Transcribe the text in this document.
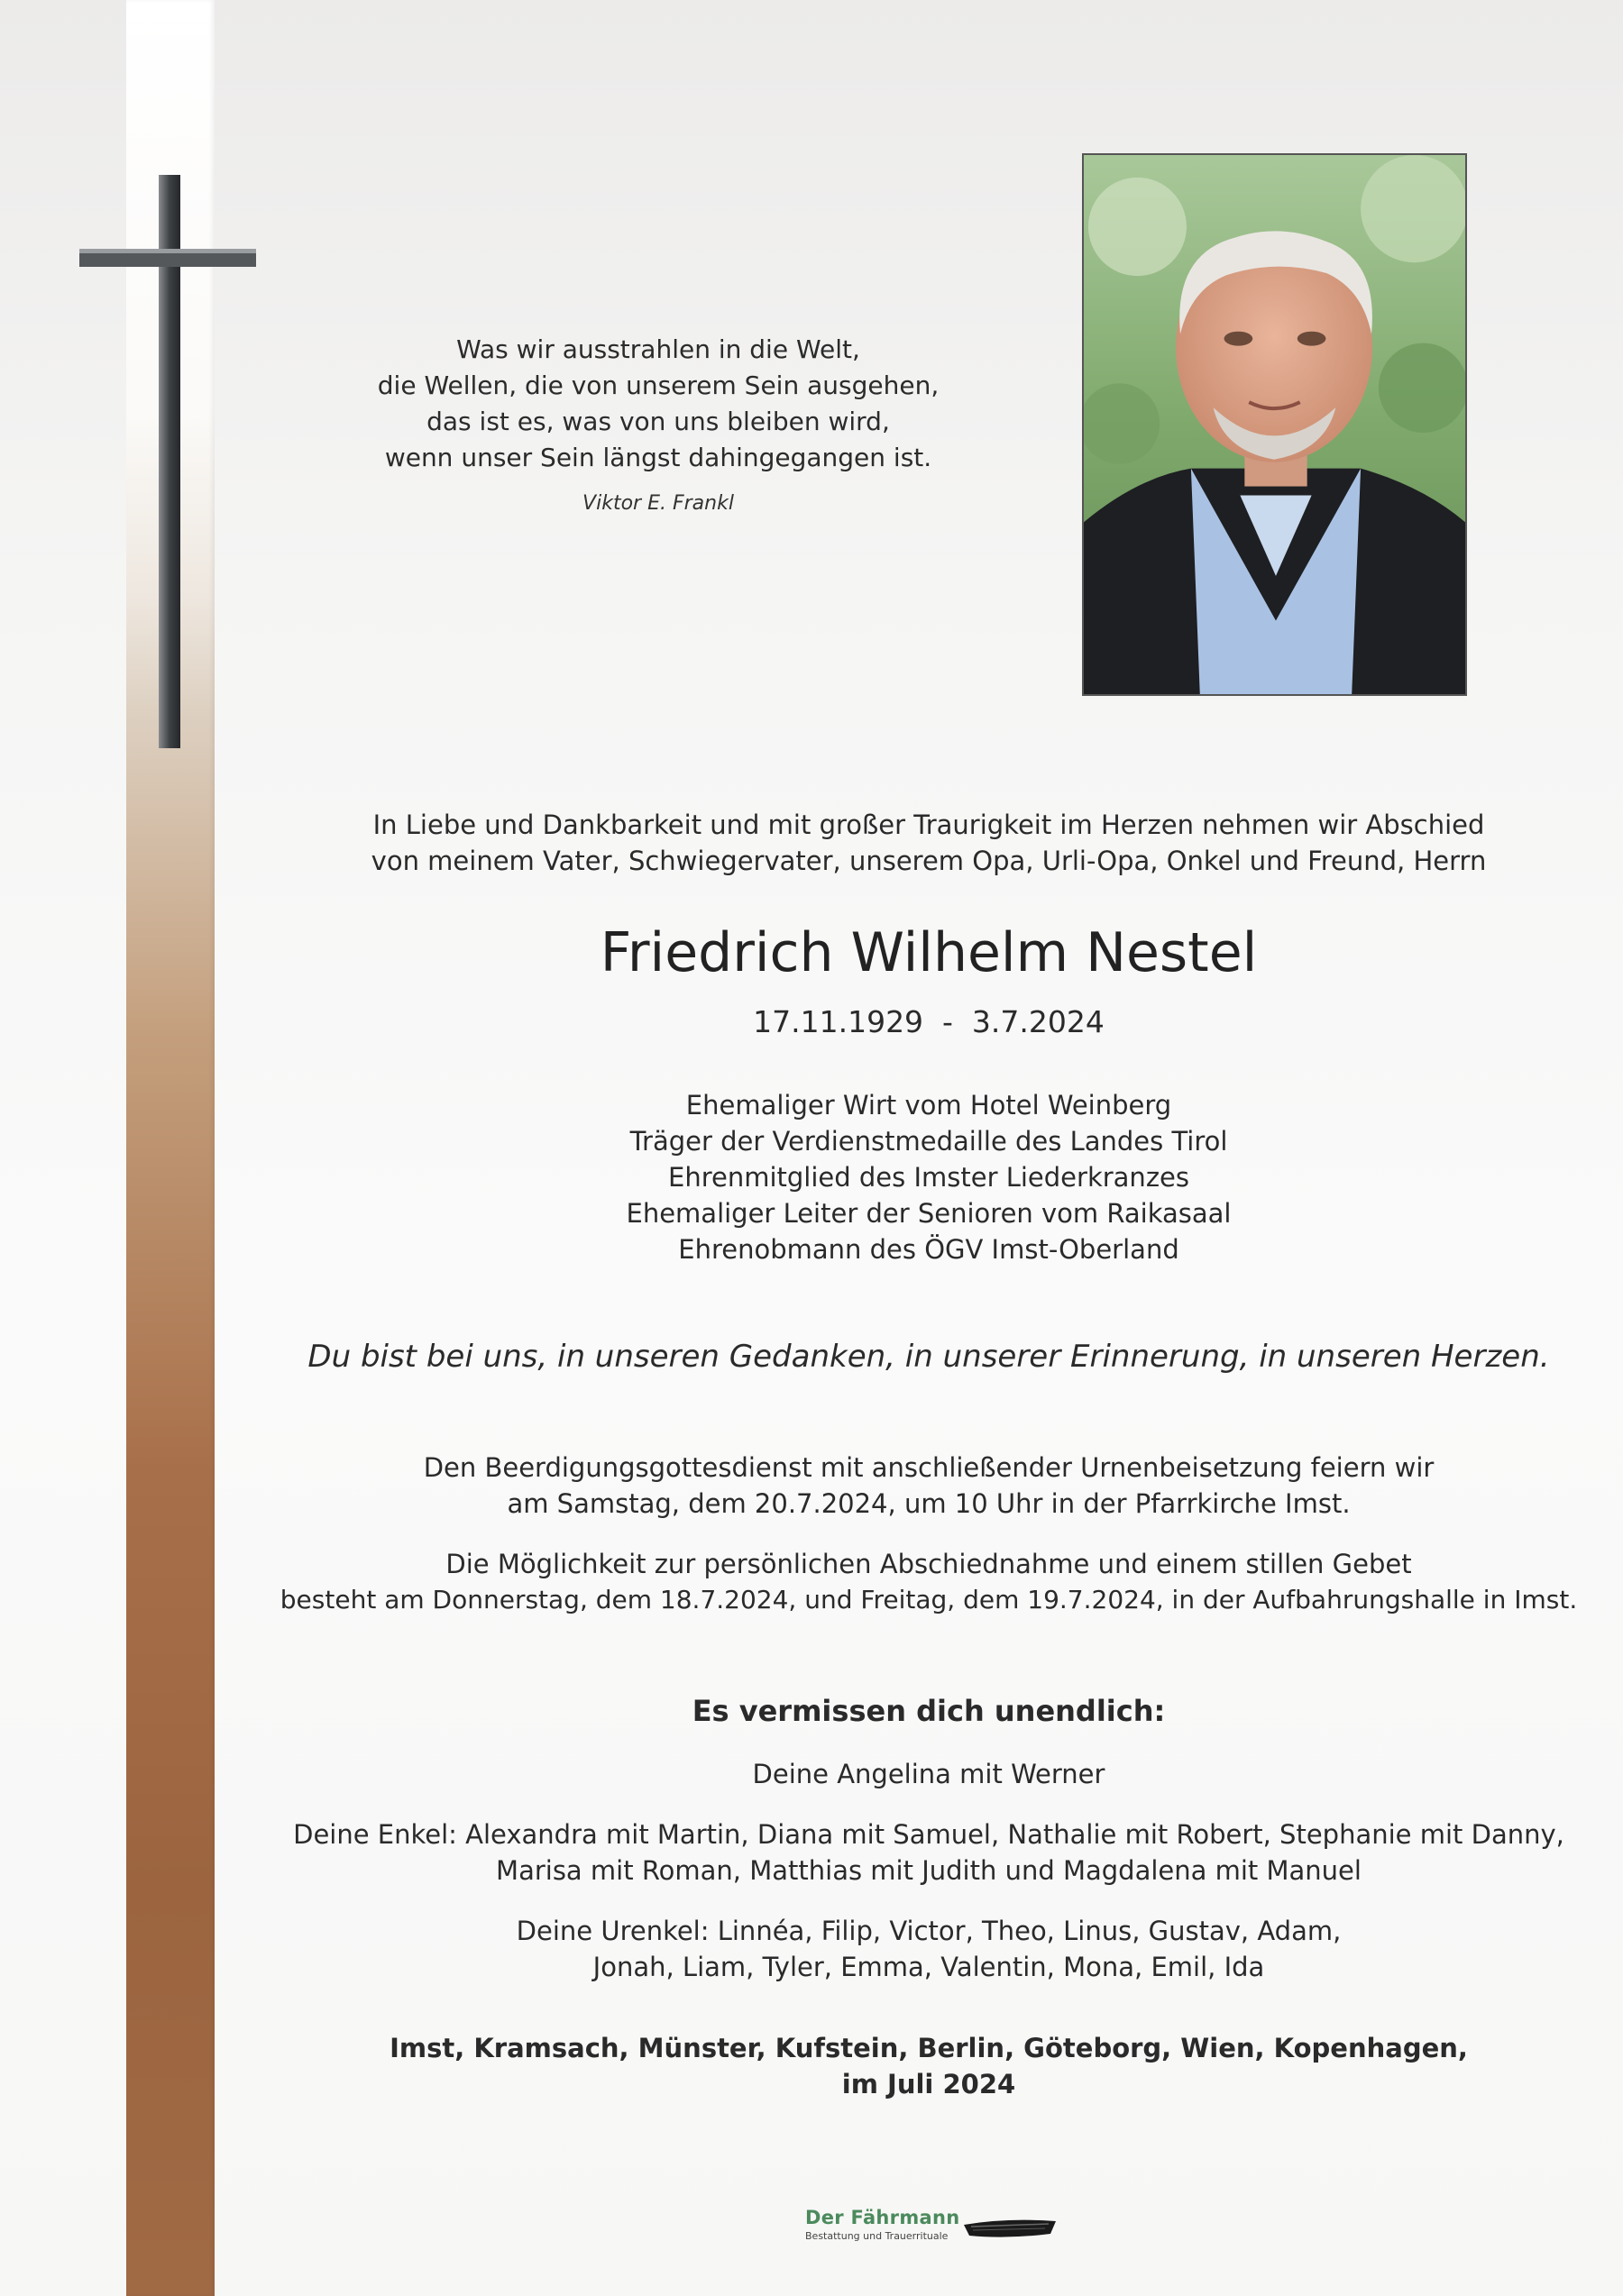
Was wir ausstrahlen in die Welt,
die Wellen, die von unserem Sein ausgehen,
das ist es, was von uns bleiben wird,
wenn unser Sein längst dahingegangen ist.
Viktor E. Frankl
In Liebe und Dankbarkeit und mit großer Traurigkeit im Herzen nehmen wir Abschied
von meinem Vater, Schwiegervater, unserem Opa, Urli-Opa, Onkel und Freund, Herrn
Friedrich Wilhelm Nestel
17.11.1929  -  3.7.2024
Ehemaliger Wirt vom Hotel Weinberg
Träger der Verdienstmedaille des Landes Tirol
Ehrenmitglied des Imster Liederkranzes
Ehemaliger Leiter der Senioren vom Raikasaal
Ehrenobmann des ÖGV Imst-Oberland
Du bist bei uns, in unseren Gedanken, in unserer Erinnerung, in unseren Herzen.
Den Beerdigungsgottesdienst mit anschließender Urnenbeisetzung feiern wir
am Samstag, dem 20.7.2024, um 10 Uhr in der Pfarrkirche Imst.
Die Möglichkeit zur persönlichen Abschiednahme und einem stillen Gebet
besteht am Donnerstag, dem 18.7.2024, und Freitag, dem 19.7.2024, in der Aufbahrungshalle in Imst.
Es vermissen dich unendlich:
Deine Angelina mit Werner
Deine Enkel: Alexandra mit Martin, Diana mit Samuel, Nathalie mit Robert, Stephanie mit Danny,
Marisa mit Roman, Matthias mit Judith und Magdalena mit Manuel
Deine Urenkel: Linnéa, Filip, Victor, Theo, Linus, Gustav, Adam,
Jonah, Liam, Tyler, Emma, Valentin, Mona, Emil, Ida
Imst, Kramsach, Münster, Kufstein, Berlin, Göteborg, Wien, Kopenhagen,
im Juli 2024
Der Fährmann
Bestattung und Trauerrituale
